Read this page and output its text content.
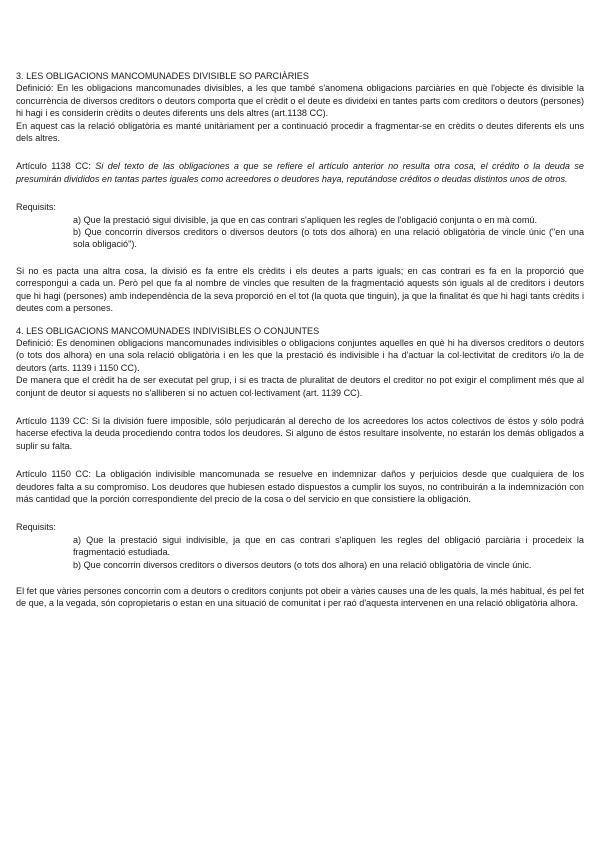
3. LES OBLIGACIONS MANCOMUNADES DIVISIBLE SO PARCIÀRIES

Definició: En les obligacions mancomunades divisibles, a les que també s'anomena obligacions parciàries en què l'objecte és divisible la concurrència de diversos creditors o deutors comporta que el crèdit o el deute es divideixi en tantes parts com creditors o deutors (persones) hi hagi i es considerin crèdits o deutes diferents uns dels altres (art.1138 CC).

En aquest cas la relació obligatòria es manté unitàriament per a continuació procedir a fragmentar-se en crèdits o deutes diferents els uns dels altres.

Artículo 1138 CC: Si del texto de las obligaciones a que se refiere el artículo anterior no resulta otra cosa, el crédito o la deuda se presumirán divididos en tantas partes iguales como acreedores o deudores haya, reputándose créditos o deudas distintos unos de otros.

Requisits:

a) Que la prestació sigui divisible, ja que en cas contrari s'apliquen les regles de l'obligació conjunta o en mà comú.

b) Que concorrin diversos creditors o diversos deutors (o tots dos alhora) en una relació obligatòria de vincle únic ("en una sola obligació").

Si no es pacta una altra cosa, la divisió es fa entre els crèdits i els deutes a parts iguals; en cas contrari es fa en la proporció que correspongui a cada un. Però pel que fa al nombre de vincles que resulten de la fragmentació aquests són iguals al de creditors i deutors que hi hagi (persones) amb independència de la seva proporció en el tot (la quota que tinguin), ja que la finalitat és que hi hagi tants crèdits i deutes com a persones.

4. LES OBLIGACIONS MANCOMUNADES INDIVISIBLES O CONJUNTES

Definició: Es denominen obligacions mancomunades indivisibles o obligacions conjuntes aquelles en què hi ha diversos creditors o deutors (o tots dos alhora) en una sola relació obligatòria i en les que la prestació és indivisible i ha d'actuar la col·lectivitat de creditors i/o la de deutors (arts. 1139 i 1150 CC).

De manera que el crèdit ha de ser executat pel grup, i si es tracta de pluralitat de deutors el creditor no pot exigir el compliment més que al conjunt de deutor si aquests no s'alliberen si no actuen col·lectivament (art. 1139 CC).

Artículo 1139 CC: Si la división fuere imposible, sólo perjudicarán al derecho de los acreedores los actos colectivos de éstos y sólo podrá hacerse efectiva la deuda procediendo contra todos los deudores. Si alguno de éstos resultare insolvente, no estarán los demás obligados a suplir su falta.

Artículo 1150 CC: La obligación indivisible mancomunada se resuelve en indemnizar daños y perjuicios desde que cualquiera de los deudores falta a su compromiso. Los deudores que hubiesen estado dispuestos a cumplir los suyos, no contribuirán a la indemnización con más cantidad que la porción correspondiente del precio de la cosa o del servicio en que consistiere la obligación.

Requisits:

a) Que la prestació sigui indivisible, ja que en cas contrari s'apliquen les regles del obligació parciària i procedeix la fragmentació estudiada.

b) Que concorrin diversos creditors o diversos deutors (o tots dos alhora) en una relació obligatòria de vincle únic.

El fet que vàries persones concorrin com a deutors o creditors conjunts pot obeir a vàries causes una de les quals, la més habitual, és pel fet de que, a la vegada, són copropietaris o estan en una situació de comunitat i per raó d'aquesta intervenen en una relació obligatòria alhora.
